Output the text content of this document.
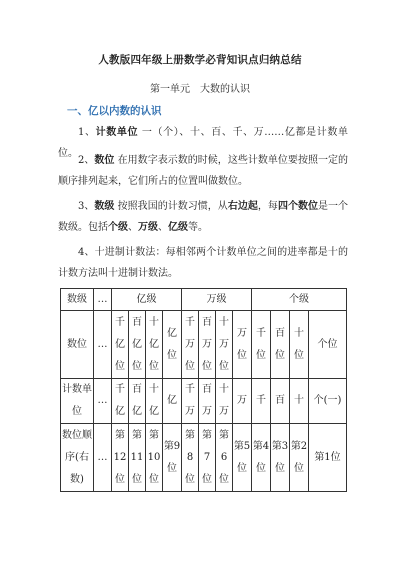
人教版四年级上册数学必背知识点归纳总结
第一单元　大数的认识
一、亿以内数的认识
1、计数单位 一（个）、十、百、千、万……亿都是计数单位。
2、数位 在用数字表示数的时候，这些计数单位要按照一定的顺序排列起来，它们所占的位置叫做数位。
3、数级 按照我国的计数习惯，从右边起，每四个数位是一个数级。包括个级、万级、亿级等。
4、十进制计数法：每相邻两个计数单位之间的进率都是十的计数方法叫十进制计数法。
数级	…	亿级				万级				个级			
数位	…	千亿位	百亿位	十亿位	亿位	千万位	百万位	十万位	万位	千位	百位	十位	个位
计数单位	…	千亿	百亿	十亿	亿	千万	百万	十万	万	千	百	十	个(一)
数位顺序(右数)	…	第12位	第11位	第10位	第9位	第8位	第7位	第6位	第5位	第4位	第3位	第2位	第1位
